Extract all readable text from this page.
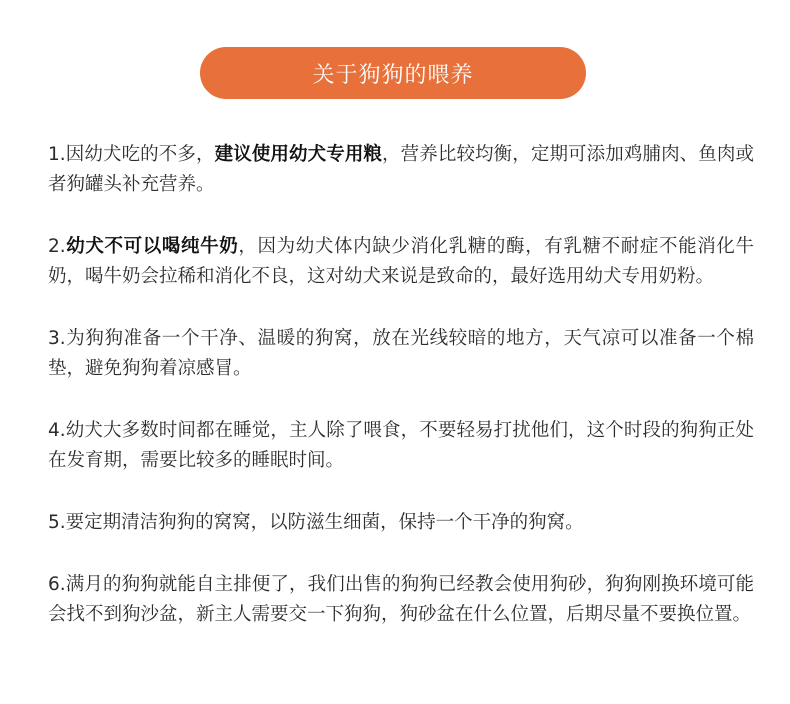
关于狗狗的喂养

1.因幼犬吃的不多，建议使用幼犬专用粮，营养比较均衡，定期可添加鸡脯肉、鱼肉或者狗罐头补充营养。

2.幼犬不可以喝纯牛奶，因为幼犬体内缺少消化乳糖的酶，有乳糖不耐症不能消化牛奶，喝牛奶会拉稀和消化不良，这对幼犬来说是致命的，最好选用幼犬专用奶粉。

3.为狗狗准备一个干净、温暖的狗窝，放在光线较暗的地方，天气凉可以准备一个棉垫，避免狗狗着凉感冒。

4.幼犬大多数时间都在睡觉，主人除了喂食，不要轻易打扰他们，这个时段的狗狗正处在发育期，需要比较多的睡眠时间。

5.要定期清洁狗狗的窝窝，以防滋生细菌，保持一个干净的狗窝。

6.满月的狗狗就能自主排便了，我们出售的狗狗已经教会使用狗砂，狗狗刚换环境可能会找不到狗沙盆，新主人需要交一下狗狗，狗砂盆在什么位置，后期尽量不要换位置。
